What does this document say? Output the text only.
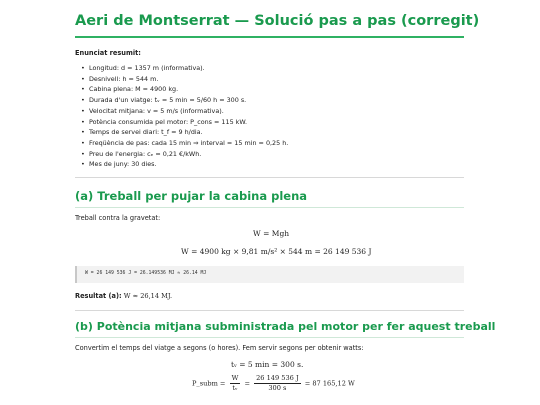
Aeri de Montserrat — Solució pas a pas (corregit)
Enunciat resumit:
• Longitud: d = 1357 m (informativa).
• Desnivell: h = 544 m.
• Cabina plena: M = 4900 kg.
• Durada d'un viatge: tᵥ = 5 min = 5/60 h = 300 s.
• Velocitat mitjana: v = 5 m/s (informativa).
• Potència consumida pel motor: P_cons = 115 kW.
• Temps de servei diari: t_f = 9 h/dia.
• Freqüència de pas: cada 15 min ⇒ interval = 15 min = 0,25 h.
• Preu de l'energia: cₑ = 0,21 €/kWh.
• Mes de juny: 30 dies.
(a) Treball per pujar la cabina plena
Treball contra la gravetat:
W = Mgh
W = 4900 kg × 9,81 m/s² × 544 m = 26 149 536 J
W = 26 149 536 J = 26.149536 MJ ≈ 26.14 MJ
Resultat (a): W ≈ 26,14 MJ.
(b) Potència mitjana subministrada pel motor per fer aquest treball
Convertim el temps del viatge a segons (o hores). Fem servir segons per obtenir watts:
tᵥ = 5 min = 300 s.
P_subm = $\frac{W}{\text{tᵥ}} = \frac{26 149 536 J}{300 s} = 87$ 165,12 W
